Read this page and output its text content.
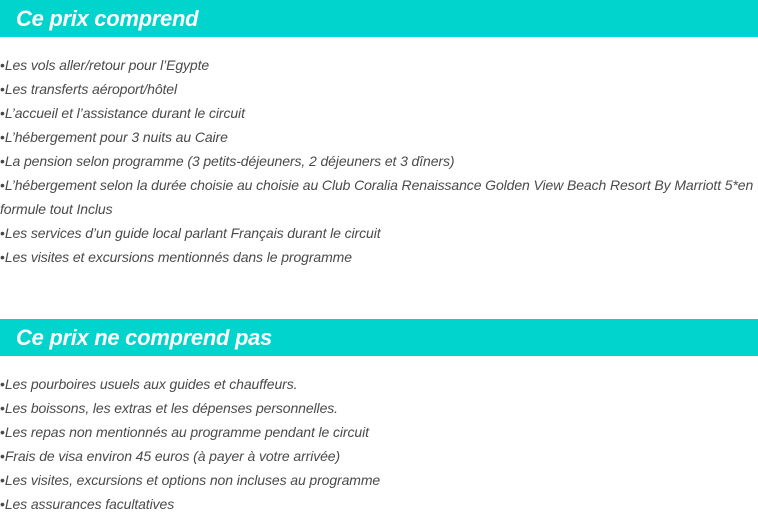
Ce prix comprend
• Les vols aller/retour pour l’Egypte
• Les transferts aéroport/hôtel
• L’accueil et l’assistance durant le circuit
• L’hébergement pour 3 nuits au Caire
• La pension selon programme (3 petits-déjeuners, 2 déjeuners et 3 dîners)
• L’hébergement selon la durée choisie au choisie au Club Coralia Renaissance Golden View Beach Resort By Marriott 5*en formule tout Inclus
• Les services d’un guide local parlant Français durant le circuit
• Les visites et excursions mentionnés dans le programme
Ce prix ne comprend pas
• Les pourboires usuels aux guides et chauffeurs.
• Les boissons, les extras et les dépenses personnelles.
• Les repas non mentionnés au programme pendant le circuit
• Frais de visa environ 45 euros (à payer à votre arrivée)
• Les visites, excursions et options non incluses au programme
• Les assurances facultatives
